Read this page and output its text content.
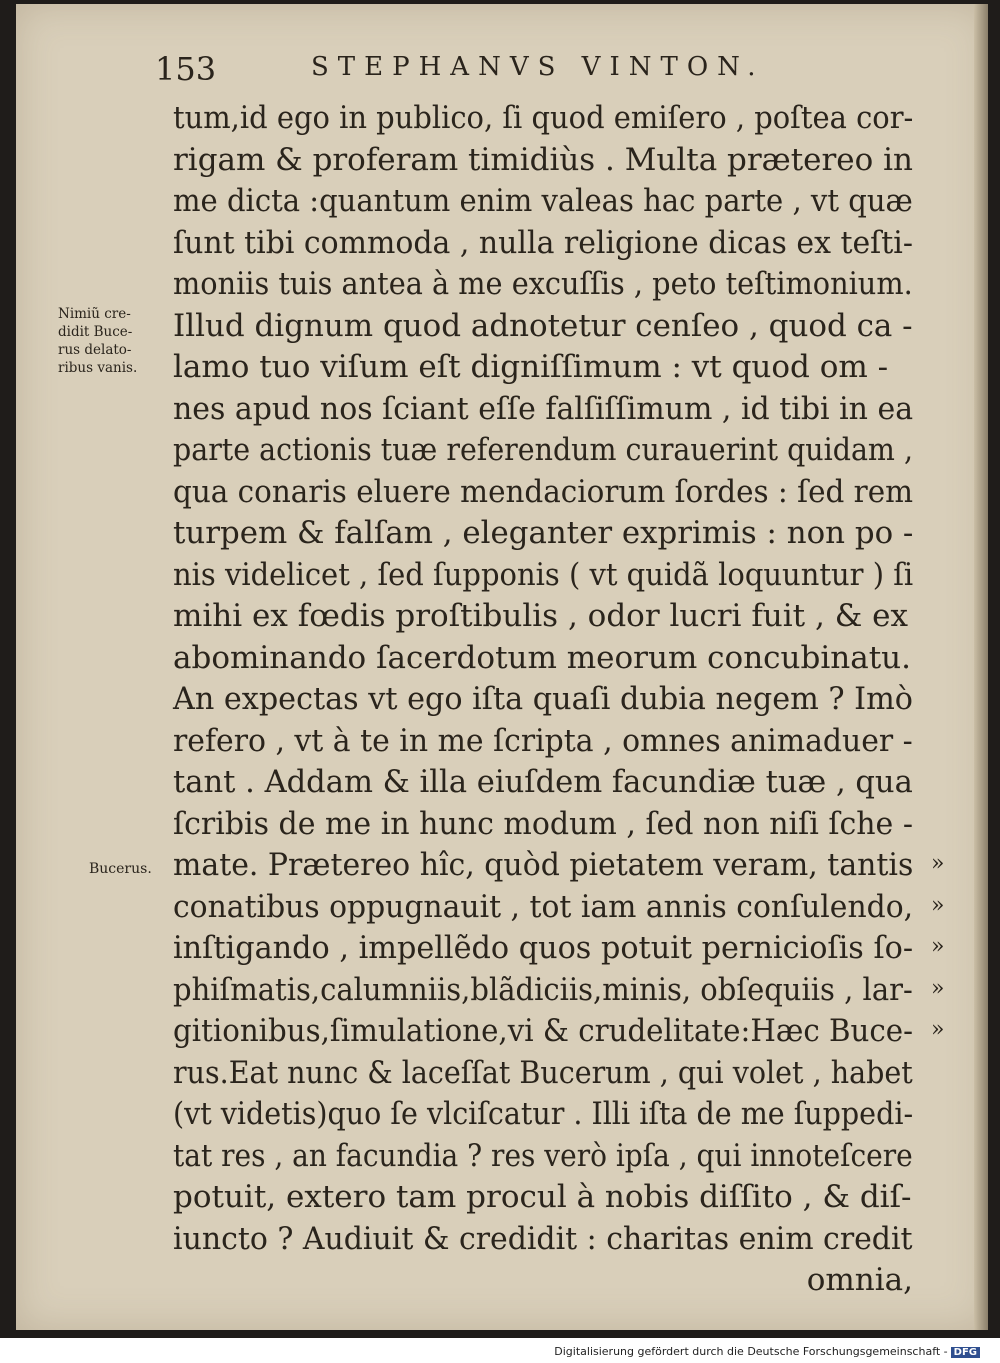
153	STEPHANVS VINTON.
tum,id ego in publico, ſi quod emiſero , poſtea cor-
rigam & proferam timidiùs . Multa prætereo in
me dicta :quantum enim valeas hac parte , vt quæ
ſunt tibi commoda , nulla religione dicas ex teſti-
moniis tuis antea à me excuſſis , peto teſtimonium.
Illud dignum quod adnotetur cenſeo , quod ca -
lamo tuo viſum eſt digniſſimum : vt quod om -
nes apud nos ſciant eſſe falſiſſimum , id tibi in ea
parte actionis tuæ referendum curauerint quidam ,
qua conaris eluere mendaciorum ſordes : ſed rem
turpem & falſam , eleganter exprimis : non po -
nis videlicet , ſed ſupponis ( vt quidã loquuntur ) ſi
mihi ex fœdis proſtibulis , odor lucri fuit , & ex
abominando ſacerdotum meorum concubinatu.
An expectas vt ego iſta quaſi dubia negem ? Imò
refero , vt à te in me ſcripta , omnes animaduer -
tant . Addam & illa eiuſdem facundiæ tuæ , qua
ſcribis de me in hunc modum , ſed non niſi ſche -
mate. Prætereo hîc, quòd pietatem veram, tantis
conatibus oppugnauit , tot iam annis conſulendo,
inſtigando , impellẽdo quos potuit pernicioſis ſo-
phiſmatis,calumniis,blãdiciis,minis, obſequiis , lar-
gitionibus,ſimulatione,vi & crudelitate:Hæc Buce-
rus.Eat nunc & laceſſat Bucerum , qui volet , habet
(vt videtis)quo ſe vlciſcatur . Illi iſta de me ſuppedi-
tat res , an facundia ? res verò ipſa , qui innoteſcere
potuit, extero tam procul à nobis diſſito , & diſ-
iuncto ? Audiuit & credidit : charitas enim credit
omnia,
Nimiũ cre-
didit Buce-
rus delato-
ribus vanis.
Bucerus.	»
»
»
»
»
Digitalisierung gefördert durch die Deutsche Forschungsgemeinschaft - DFG
